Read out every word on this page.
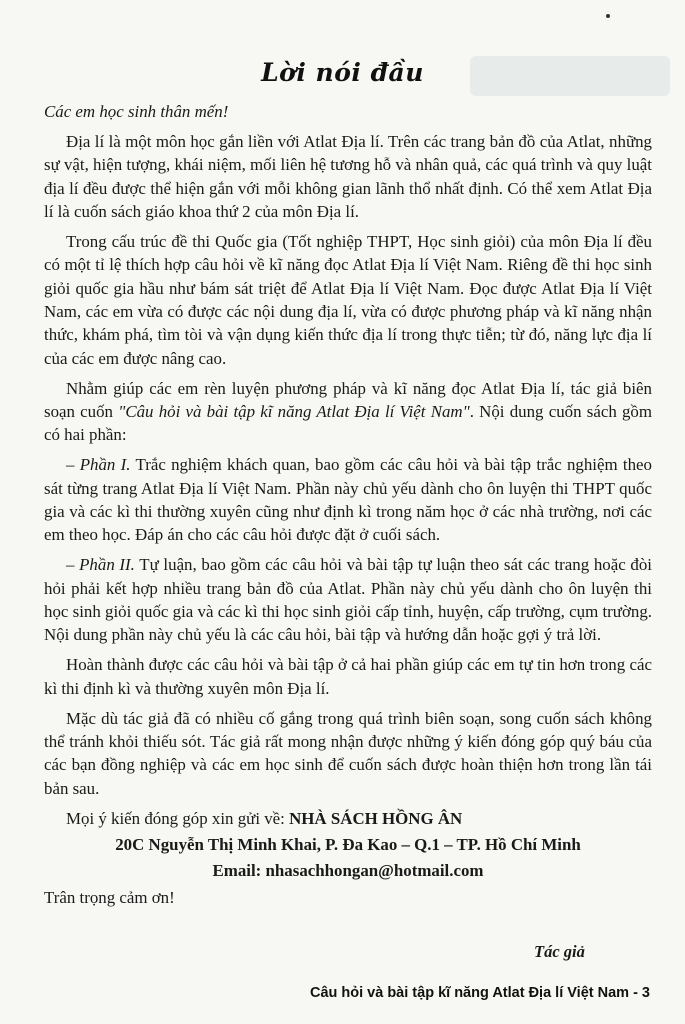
Lời nói đầu

Các em học sinh thân mến!

Địa lí là một môn học gắn liền với Atlat Địa lí. Trên các trang bản đồ của Atlat, những sự vật, hiện tượng, khái niệm, mối liên hệ tương hỗ và nhân quả, các quá trình và quy luật địa lí đều được thể hiện gắn với mỗi không gian lãnh thổ nhất định. Có thể xem Atlat Địa lí là cuốn sách giáo khoa thứ 2 của môn Địa lí.

Trong cấu trúc đề thi Quốc gia (Tốt nghiệp THPT, Học sinh giỏi) của môn Địa lí đều có một tỉ lệ thích hợp câu hỏi về kĩ năng đọc Atlat Địa lí Việt Nam. Riêng đề thi học sinh giỏi quốc gia hầu như bám sát triệt để Atlat Địa lí Việt Nam. Đọc được Atlat Địa lí Việt Nam, các em vừa có được các nội dung địa lí, vừa có được phương pháp và kĩ năng nhận thức, khám phá, tìm tòi và vận dụng kiến thức địa lí trong thực tiễn; từ đó, năng lực địa lí của các em được nâng cao.

Nhằm giúp các em rèn luyện phương pháp và kĩ năng đọc Atlat Địa lí, tác giả biên soạn cuốn "Câu hỏi và bài tập kĩ năng Atlat Địa lí Việt Nam". Nội dung cuốn sách gồm có hai phần:

– Phần I. Trắc nghiệm khách quan, bao gồm các câu hỏi và bài tập trắc nghiệm theo sát từng trang Atlat Địa lí Việt Nam. Phần này chủ yếu dành cho ôn luyện thi THPT quốc gia và các kì thi thường xuyên cũng như định kì trong năm học ở các nhà trường, nơi các em theo học. Đáp án cho các câu hỏi được đặt ở cuối sách.

– Phần II. Tự luận, bao gồm các câu hỏi và bài tập tự luận theo sát các trang hoặc đòi hỏi phải kết hợp nhiều trang bản đồ của Atlat. Phần này chủ yếu dành cho ôn luyện thi học sinh giỏi quốc gia và các kì thi học sinh giỏi cấp tỉnh, huyện, cấp trường, cụm trường. Nội dung phần này chủ yếu là các câu hỏi, bài tập và hướng dẫn hoặc gợi ý trả lời.

Hoàn thành được các câu hỏi và bài tập ở cả hai phần giúp các em tự tin hơn trong các kì thi định kì và thường xuyên môn Địa lí.

Mặc dù tác giả đã có nhiều cố gắng trong quá trình biên soạn, song cuốn sách không thể tránh khỏi thiếu sót. Tác giả rất mong nhận được những ý kiến đóng góp quý báu của các bạn đồng nghiệp và các em học sinh để cuốn sách được hoàn thiện hơn trong lần tái bản sau.

Mọi ý kiến đóng góp xin gửi về: NHÀ SÁCH HỒNG ÂN

20C Nguyễn Thị Minh Khai, P. Đa Kao – Q.1 – TP. Hồ Chí Minh

Email: nhasachhongan@hotmail.com

Trân trọng cảm ơn!

Tác giả
Câu hỏi và bài tập kĩ năng Atlat Địa lí Việt Nam - 3
